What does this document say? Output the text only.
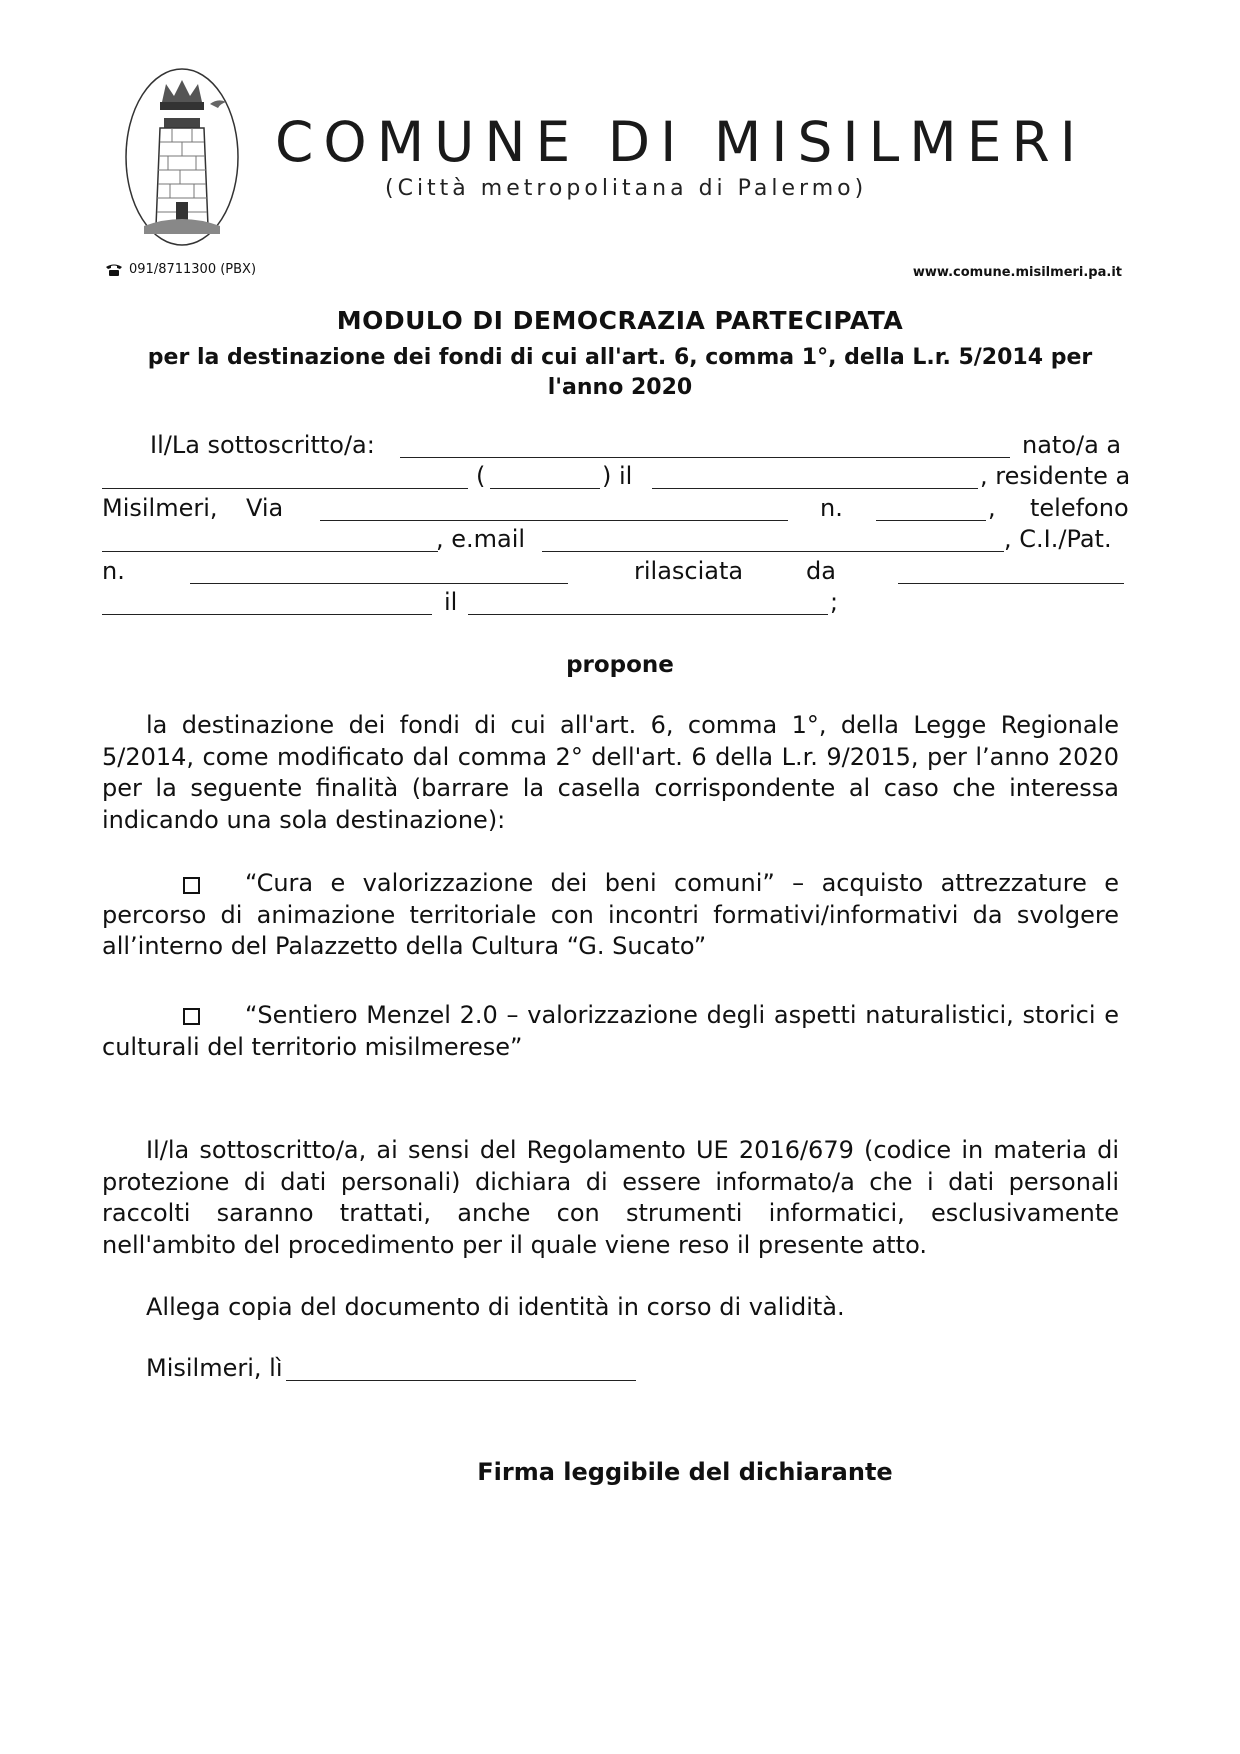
COMUNE DI MISILMERI
(Città metropolitana di Palermo)
091/8711300 (PBX)	www.comune.misilmeri.pa.it
MODULO DI DEMOCRAZIA PARTECIPATA
per la destinazione dei fondi di cui all'art. 6, comma 1°, della L.r. 5/2014 per
l'anno 2020
Il/La sottoscritto/a:	nato/a a
(	) il	, residente a
Misilmeri, Via	n.	, telefono
, e.mail	, C.I./Pat.
n.	rilasciata	da
il	;
propone
la destinazione dei fondi di cui all'art. 6, comma 1°, della Legge Regionale 5/2014, come modificato dal comma 2° dell'art. 6 della L.r. 9/2015, per l’anno 2020 per la seguente finalità (barrare la casella corrispondente al caso che interessa indicando una sola destinazione):
“Cura e valorizzazione dei beni comuni” – acquisto attrezzature e percorso di animazione territoriale con incontri formativi/informativi da svolgere all’interno del Palazzetto della Cultura “G. Sucato”
“Sentiero Menzel 2.0 – valorizzazione degli aspetti naturalistici, storici e culturali del territorio misilmerese”
Il/la sottoscritto/a, ai sensi del Regolamento UE 2016/679 (codice in materia di protezione di dati personali) dichiara di essere informato/a che i dati personali raccolti saranno trattati, anche con strumenti informatici, esclusivamente nell'ambito del procedimento per il quale viene reso il presente atto.
Allega copia del documento di identità in corso di validità.
Misilmeri, lì
Firma leggibile del dichiarante
